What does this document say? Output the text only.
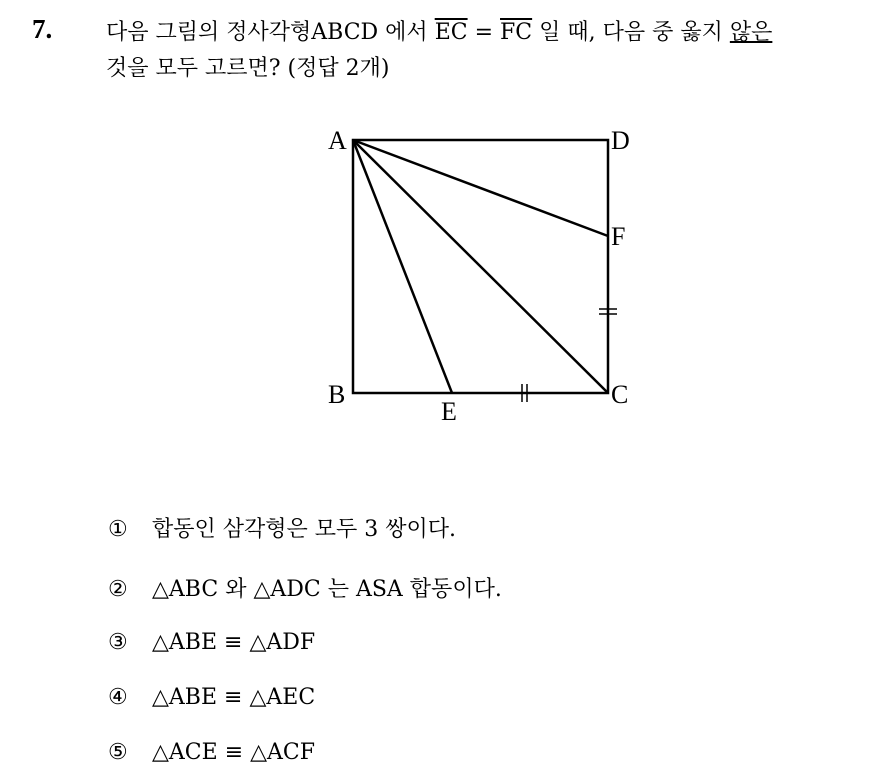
7. 다음 그림의 정사각형ABCD 에서 $\overline{EC} = \overline{FC}$ 일 때, 다음 중 옳지 않은
것을 모두 고르면? (정답 2개)
A	D
F
B	C
E
① 합동인 삼각형은 모두 3 쌍이다.
② △ABC 와 △ADC 는 ASA 합동이다.
③ △ABE ≡ △ADF
④ △ABE ≡ △AEC
⑤ △ACE ≡ △ACF
